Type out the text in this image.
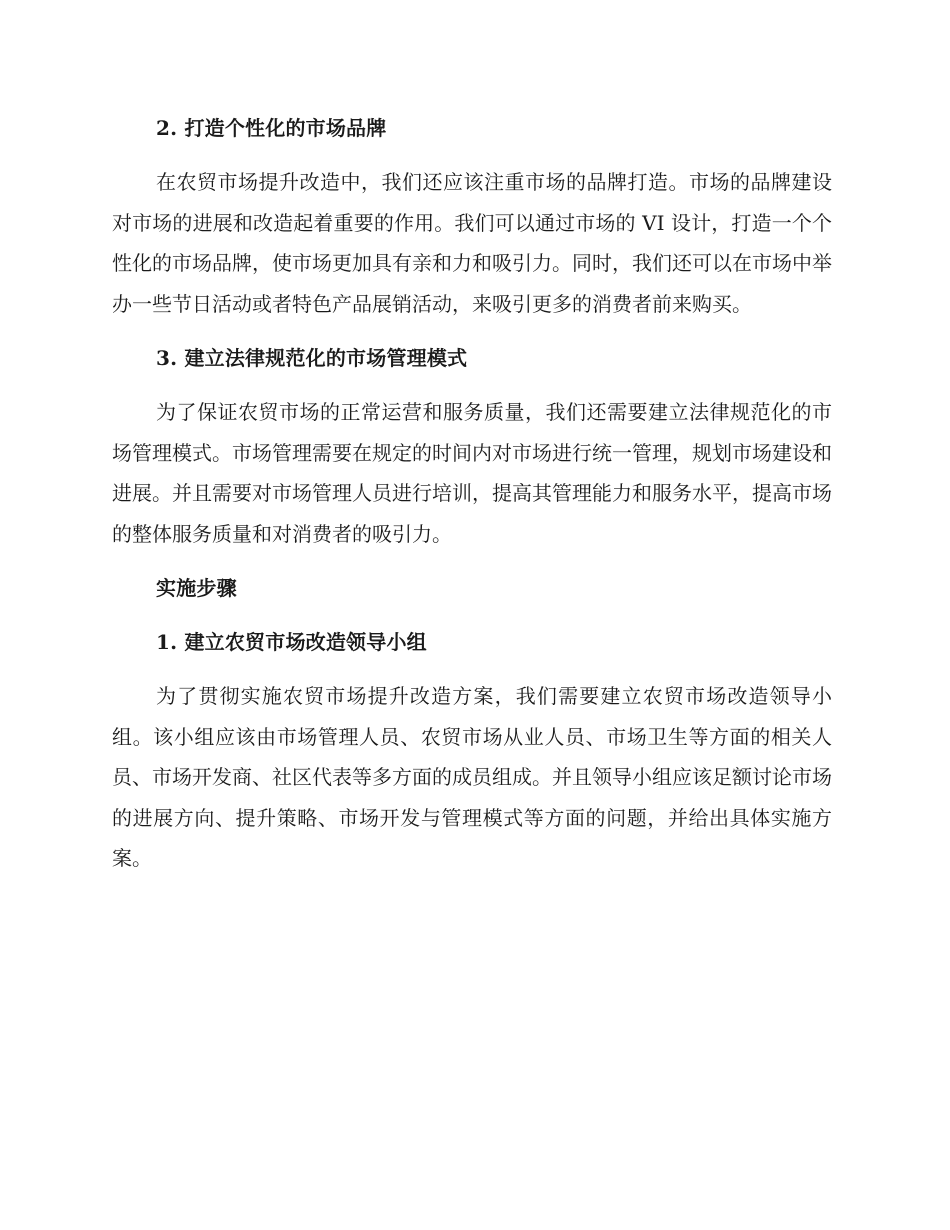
2. 打造个性化的市场品牌

在农贸市场提升改造中，我们还应该注重市场的品牌打造。市场的品牌建设对市场的进展和改造起着重要的作用。我们可以通过市场的 VI 设计，打造一个个性化的市场品牌，使市场更加具有亲和力和吸引力。同时，我们还可以在市场中举办一些节日活动或者特色产品展销活动，来吸引更多的消费者前来购买。

3. 建立法律规范化的市场管理模式

为了保证农贸市场的正常运营和服务质量，我们还需要建立法律规范化的市场管理模式。市场管理需要在规定的时间内对市场进行统一管理，规划市场建设和进展。并且需要对市场管理人员进行培训，提高其管理能力和服务水平，提高市场的整体服务质量和对消费者的吸引力。

实施步骤
1. 建立农贸市场改造领导小组

为了贯彻实施农贸市场提升改造方案，我们需要建立农贸市场改造领导小组。该小组应该由市场管理人员、农贸市场从业人员、市场卫生等方面的相关人员、市场开发商、社区代表等多方面的成员组成。并且领导小组应该足额讨论市场的进展方向、提升策略、市场开发与管理模式等方面的问题，并给出具体实施方案。
